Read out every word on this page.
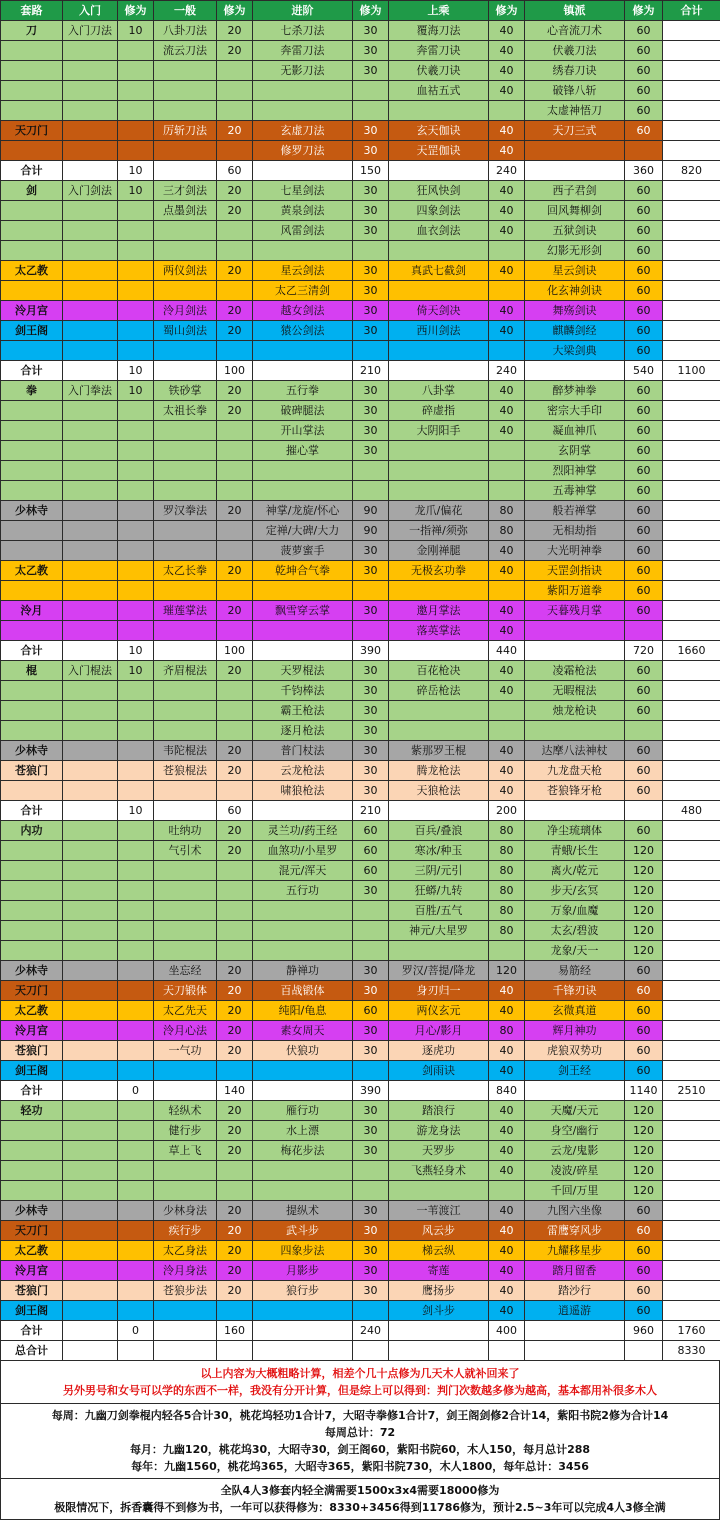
套路	入门	修为	一般	修为	进阶	修为	上乘	修为	镇派	修为	合计
刀	入门刀法	10	八卦刀法	20	七杀刀法	30	覆海刀法	40	心音流刀术	60	
			流云刀法	20	奔雷刀法	30	奔雷刀诀	40	伏羲刀法	60	
					无影刀法	30	伏羲刀诀	40	绣春刀诀	60	
							血祜五式	40	破锋八斩	60	
									太虚神悟刀	60	
天刀门			厉斩刀法	20	玄虚刀法	30	玄天伽诀	40	天刀三式	60	
					修罗刀法	30	天罡伽诀	40			
合计		10		60		150		240		360	820
剑	入门剑法	10	三才剑法	20	七星剑法	30	狂风快剑	40	西子君剑	60	
			点墨剑法	20	黄泉剑法	30	四象剑法	40	回风舞柳剑	60	
					风雷剑法	30	血衣剑法	40	五狱剑诀	60	
									幻影无形剑	60	
太乙教			两仪剑法	20	星云剑法	30	真武七截剑	40	星云剑诀	60	
					太乙三清剑	30			化玄神剑诀	60	
泠月宫			泠月剑法	20	越女剑法	30	倚天剑决	40	舞殇剑诀	60	
剑王阁			蜀山剑法	20	猿公剑法	30	西川剑法	40	麒麟剑经	60	
									大梁剑典	60	
合计		10		100		210		240		540	1100
拳	入门拳法	10	铁砂掌	20	五行拳	30	八卦掌	40	醉梦神拳	60	
			太祖长拳	20	破碑腿法	30	碎虚指	40	密宗大手印	60	
					开山掌法	30	大阴阳手	40	凝血神爪	60	
					摧心掌	30			玄阴掌	60	
									烈阳神掌	60	
									五毒神掌	60	
少林寺			罗汉拳法	20	神掌/龙旋/怀心	90	龙爪/偏花	80	般若禅掌	60	
					定禅/大碑/大力	90	一指禅/须弥	80	无相劫指	60	
					菠萝蜜手	30	金刚禅腿	40	大光明神拳	60	
太乙教			太乙长拳	20	乾坤合气拳	30	无极玄功拳	40	天罡剑指诀	60	
									紫阳万道拳	60	
泠月			璀莲掌法	20	飘雪穿云掌	30	邀月掌法	40	天暮残月掌	60	
							落英掌法	40			
合计		10		100		390		440		720	1660
棍	入门棍法	10	齐眉棍法	20	天罗棍法	30	百花枪决	40	凌霜枪法	60	
					千钧棒法	30	碎岳枪法	40	无暇棍法	60	
					霸王枪法	30			烛龙枪诀	60	
					逐月枪法	30					
少林寺			韦陀棍法	20	普门杖法	30	紫那罗王棍	40	达摩八法神杖	60	
苍狼门			苍狼棍法	20	云龙枪法	30	腾龙枪法	40	九龙盘天枪	60	
					啸狼枪法	30	天狼枪法	40	苍狼锋牙枪	60	
合计		10		60		210		200			480
内功			吐纳功	20	灵兰功/药王经	60	百兵/叠浪	80	净尘琉璃体	60	
			气引术	20	血煞功/小星罗	60	寒冰/种玉	80	青蛾/长生	120	
					混元/浑天	60	三阴/元引	80	离火/乾元	120	
					五行功	30	狂蟒/九转	80	步天/玄冥	120	
							百胜/五气	80	万象/血魔	120	
							神元/大星罗	80	太玄/碧波	120	
									龙象/天一	120	
少林寺			坐忘经	20	静禅功	30	罗汉/菩提/降龙	120	易筋经	60	
天刀门			天刀锻体	20	百战锻体	30	身刃归一	40	千锋刃诀	60	
太乙教			太乙先天	20	纯阳/龟息	60	两仪玄元	40	玄微真道	60	
泠月宫			泠月心法	20	素女周天	30	月心/影月	80	辉月神功	60	
苍狼门			一气功	20	伏狼功	30	逐虎功	40	虎狼双势功	60	
剑王阁							剑雨诀	40	剑王经	60	
合计		0		140		390		840		1140	2510
轻功			轻纵术	20	雁行功	30	踏浪行	40	天魔/天元	120	
			健行步	20	水上漂	30	游龙身法	40	身空/幽行	120	
			草上飞	20	梅花步法	30	天罗步	40	云龙/鬼影	120	
							飞燕轻身术	40	凌波/碎星	120	
									千回/万里	120	
少林寺			少林身法	20	提纵术	30	一苇渡江	40	九图六坐像	60	
天刀门			疾行步	20	武斗步	30	风云步	40	雷鹰穿风步	60	
太乙教			太乙身法	20	四象步法	30	梯云纵	40	九耀移星步	60	
泠月宫			泠月身法	20	月影步	30	寄莲	40	踏月留香	60	
苍狼门			苍狼步法	20	狼行步	30	鹰扬步	40	踏沙行	60	
剑王阁							剑斗步	40	逍遥游	60	
合计		0		160		240		400		960	1760
总合计											8330
以上内容为大概粗略计算，相差个几十点修为几天木人就补回来了
另外男号和女号可以学的东西不一样，我没有分开计算，但是综上可以得到：判门次数越多修为越高，基本都用补很多木人
每周：九幽刀剑拳棍内轻各5合计30，桃花坞轻功1合计7，大昭寺拳修1合计7，剑王阁剑修2合计14，紫阳书院2修为合计14
每周总计：72
每月：九幽120，桃花坞30，大昭寺30，剑王阁60，紫阳书院60，木人150，每月总计288
每年：九幽1560，桃花坞365，大昭寺365，紫阳书院730，木人1800，每年总计：3456
全队4人3修套内轻全满需要1500x3x4需要18000修为
极限情况下，拆香囊得不到修为书，一年可以获得修为：8330+3456得到11786修为，预计2.5~3年可以完成4人3修全满
